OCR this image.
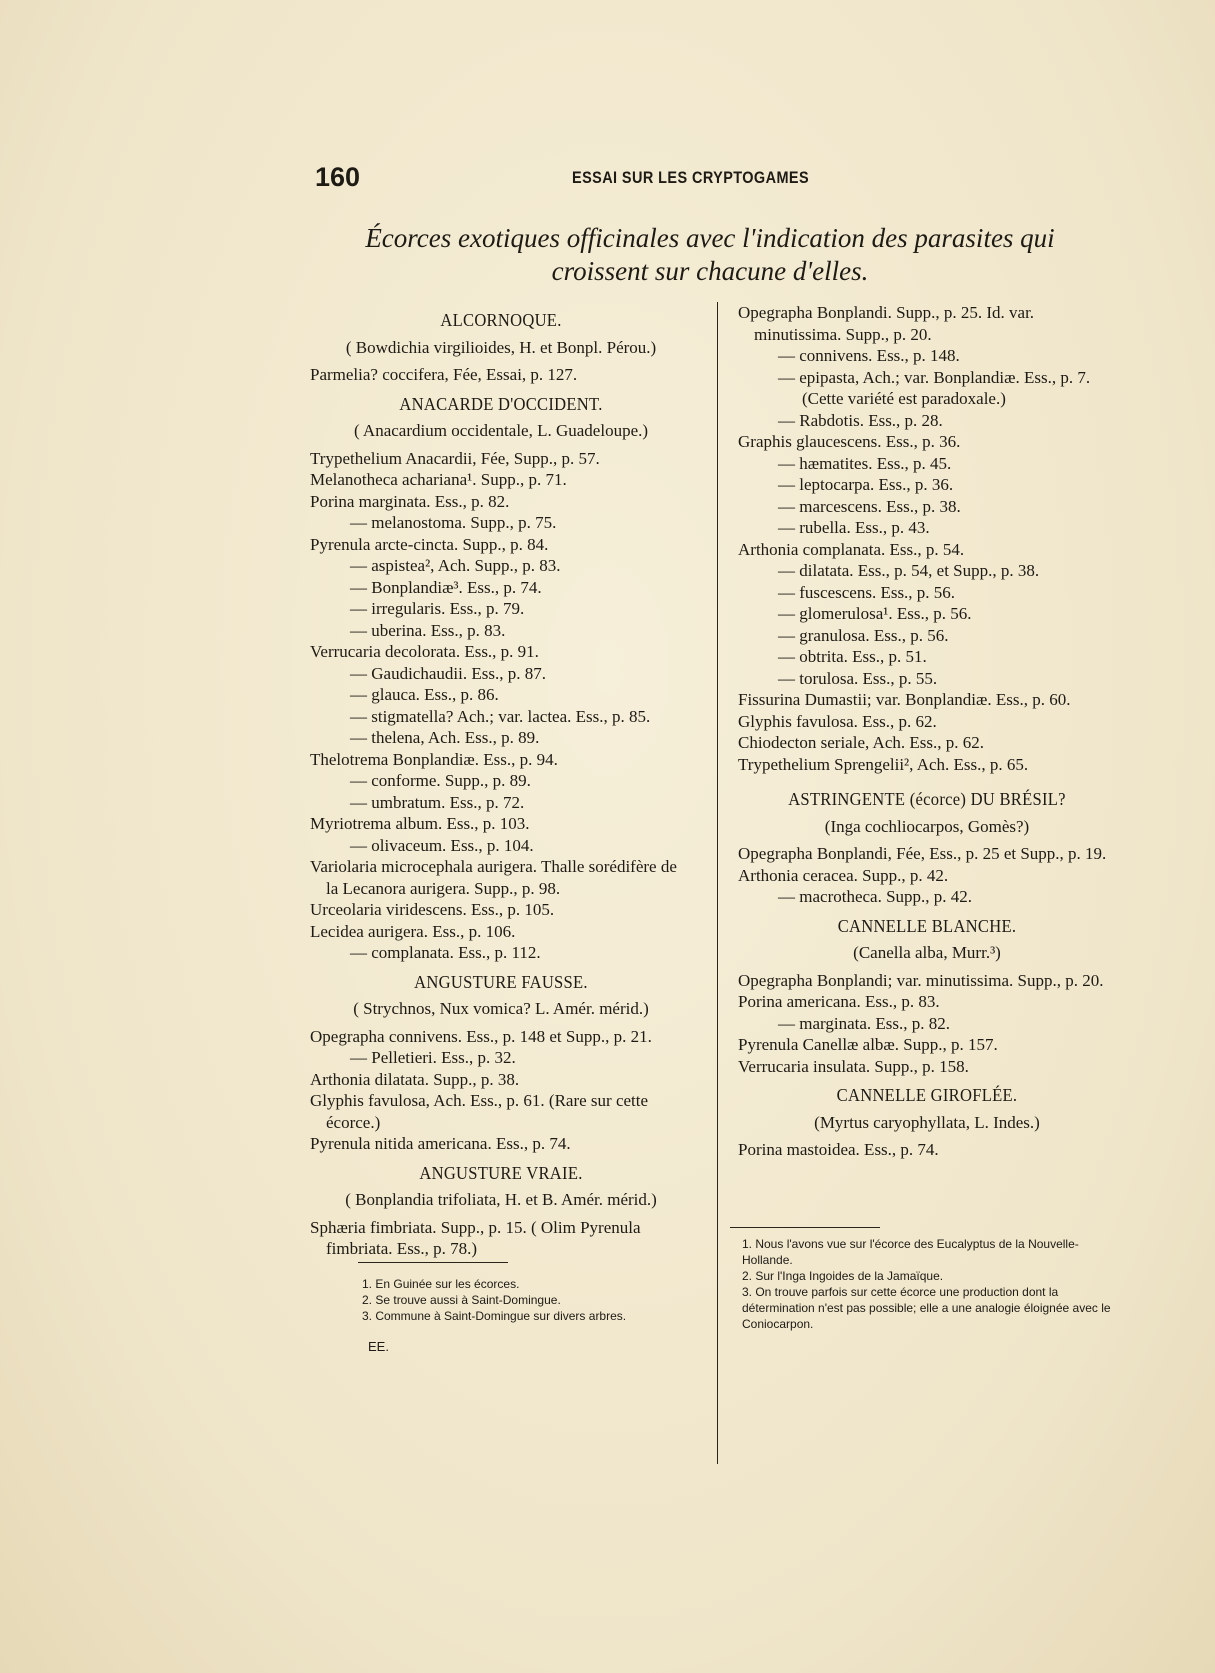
160	ESSAI SUR LES CRYPTOGAMES
Écorces exotiques officinales avec l'indication des parasites qui
croissent sur chacune d'elles.
ALCORNOQUE.
( Bowdichia virgilioides, H. et Bonpl. Pérou.)

Parmelia? coccifera, Fée, Essai, p. 127.

ANACARDE D'OCCIDENT.
( Anacardium occidentale, L. Guadeloupe.)

Trypethelium Anacardii, Fée, Supp., p. 57.

Melanotheca achariana¹. Supp., p. 71.

Porina marginata. Ess., p. 82.

— melanostoma. Supp., p. 75.

Pyrenula arcte-cincta. Supp., p. 84.

— aspistea², Ach. Supp., p. 83.

— Bonplandiæ³. Ess., p. 74.

— irregularis. Ess., p. 79.

— uberina. Ess., p. 83.

Verrucaria decolorata. Ess., p. 91.

— Gaudichaudii. Ess., p. 87.

— glauca. Ess., p. 86.

— stigmatella? Ach.; var. lactea. Ess., p. 85.

— thelena, Ach. Ess., p. 89.

Thelotrema Bonplandiæ. Ess., p. 94.

— conforme. Supp., p. 89.

— umbratum. Ess., p. 72.

Myriotrema album. Ess., p. 103.

— olivaceum. Ess., p. 104.

Variolaria microcephala aurigera. Thalle sorédifère de la Lecanora aurigera. Supp., p. 98.

Urceolaria viridescens. Ess., p. 105.

Lecidea aurigera. Ess., p. 106.

— complanata. Ess., p. 112.

ANGUSTURE FAUSSE.
( Strychnos, Nux vomica? L. Amér. mérid.)

Opegrapha connivens. Ess., p. 148 et Supp., p. 21.

— Pelletieri. Ess., p. 32.

Arthonia dilatata. Supp., p. 38.

Glyphis favulosa, Ach. Ess., p. 61. (Rare sur cette écorce.)

Pyrenula nitida americana. Ess., p. 74.

ANGUSTURE VRAIE.
( Bonplandia trifoliata, H. et B. Amér. mérid.)

Sphæria fimbriata. Supp., p. 15. ( Olim Pyrenula fimbriata. Ess., p. 78.)

Opegrapha Bonplandi. Supp., p. 25. Id. var. minutissima. Supp., p. 20.

— connivens. Ess., p. 148.

— epipasta, Ach.; var. Bonplandiæ. Ess., p. 7. (Cette variété est paradoxale.)

— Rabdotis. Ess., p. 28.

Graphis glaucescens. Ess., p. 36.

— hæmatites. Ess., p. 45.

— leptocarpa. Ess., p. 36.

— marcescens. Ess., p. 38.

— rubella. Ess., p. 43.

Arthonia complanata. Ess., p. 54.

— dilatata. Ess., p. 54, et Supp., p. 38.

— fuscescens. Ess., p. 56.

— glomerulosa¹. Ess., p. 56.

— granulosa. Ess., p. 56.

— obtrita. Ess., p. 51.

— torulosa. Ess., p. 55.

Fissurina Dumastii; var. Bonplandiæ. Ess., p. 60.

Glyphis favulosa. Ess., p. 62.

Chiodecton seriale, Ach. Ess., p. 62.

Trypethelium Sprengelii², Ach. Ess., p. 65.

ASTRINGENTE (écorce) DU BRÉSIL?
(Inga cochliocarpos, Gomès?)

Opegrapha Bonplandi, Fée, Ess., p. 25 et Supp., p. 19.

Arthonia ceracea. Supp., p. 42.

— macrotheca. Supp., p. 42.

CANNELLE BLANCHE.
(Canella alba, Murr.³)

Opegrapha Bonplandi; var. minutissima. Supp., p. 20.

Porina americana. Ess., p. 83.

— marginata. Ess., p. 82.

Pyrenula Canellæ albæ. Supp., p. 157.

Verrucaria insulata. Supp., p. 158.

CANNELLE GIROFLÉE.
(Myrtus caryophyllata, L. Indes.)

Porina mastoidea. Ess., p. 74.

1. En Guinée sur les écorces.

2. Se trouve aussi à Saint-Domingue.

3. Commune à Saint-Domingue sur divers arbres.

EE.

1. Nous l'avons vue sur l'écorce des Eucalyptus de la Nouvelle-Hollande.

2. Sur l'Inga Ingoides de la Jamaïque.

3. On trouve parfois sur cette écorce une production dont la détermination n'est pas possible; elle a une analogie éloignée avec le Coniocarpon.
